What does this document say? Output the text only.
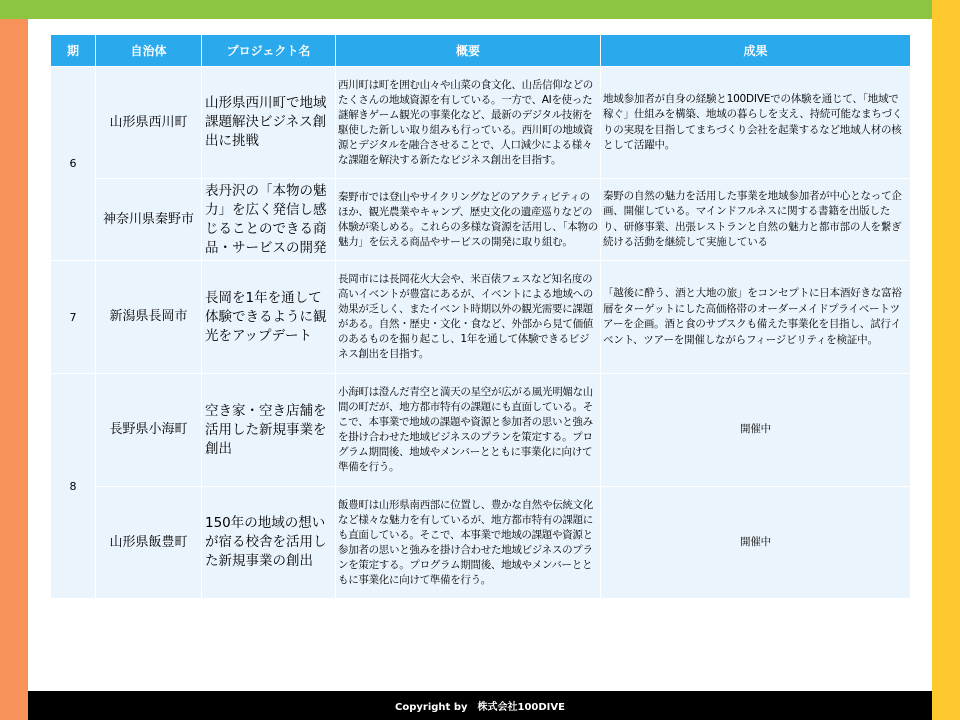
期	自治体	プロジェクト名	概要	成果
6	山形県西川町	山形県西川町で地域課題解決ビジネス創出に挑戦	西川町は町を囲む山々や山菜の食文化、山岳信仰などのたくさんの地域資源を有している。一方で、AIを使った謎解きゲーム観光の事業化など、最新のデジタル技術を駆使した新しい取り組みも行っている。西川町の地域資源とデジタルを融合させることで、人口減少による様々な課題を解決する新たなビジネス創出を目指す。	地域参加者が自身の経験と100DIVEでの体験を通じて、「地域で稼ぐ」仕組みを構築、地域の暮らしを支え、持続可能なまちづくりの実現を目指してまちづくり会社を起業するなど地域人材の核として活躍中。
	神奈川県秦野市	表丹沢の「本物の魅力」を広く発信し感じることのできる商品・サービスの開発	秦野市では登山やサイクリングなどのアクティビティのほか、観光農業やキャンプ、歴史文化の遺産巡りなどの体験が楽しめる。これらの多様な資源を活用し、「本物の魅力」を伝える商品やサービスの開発に取り組む。	秦野の自然の魅力を活用した事業を地域参加者が中心となって企画、開催している。マインドフルネスに関する書籍を出版したり、研修事業、出張レストランと自然の魅力と都市部の人を繋ぎ続ける活動を継続して実施している
7	新潟県長岡市	長岡を1年を通して体験できるように観光をアップデート	長岡市には長岡花火大会や、米百俵フェスなど知名度の高いイベントが豊富にあるが、イベントによる地域への効果が乏しく、またイベント時期以外の観光需要に課題がある。自然・歴史・文化・食など、外部から見て価値のあるものを掘り起こし、1年を通して体験できるビジネス創出を目指す。	「越後に酔う、酒と大地の旅」をコンセプトに日本酒好きな富裕層をターゲットにした高価格帯のオーダーメイドプライベートツアーを企画。酒と食のサブスクも備えた事業化を目指し、試行イベント、ツアーを開催しながらフィージビリティを検証中。
8	長野県小海町	空き家・空き店舗を活用した新規事業を創出	小海町は澄んだ青空と満天の星空が広がる風光明媚な山間の町だが、地方都市特有の課題にも直面している。そこで、本事業で地域の課題や資源と参加者の思いと強みを掛け合わせた地域ビジネスのプランを策定する。プログラム期間後、地域やメンバーとともに事業化に向けて準備を行う。	開催中
	山形県飯豊町	150年の地域の想いが宿る校舎を活用した新規事業の創出	飯豊町は山形県南西部に位置し、豊かな自然や伝統文化など様々な魅力を有しているが、地方都市特有の課題にも直面している。そこで、本事業で地域の課題や資源と参加者の思いと強みを掛け合わせた地域ビジネスのプランを策定する。プログラム期間後、地域やメンバーとともに事業化に向けて準備を行う。	開催中
Copyright by　株式会社100DIVE
